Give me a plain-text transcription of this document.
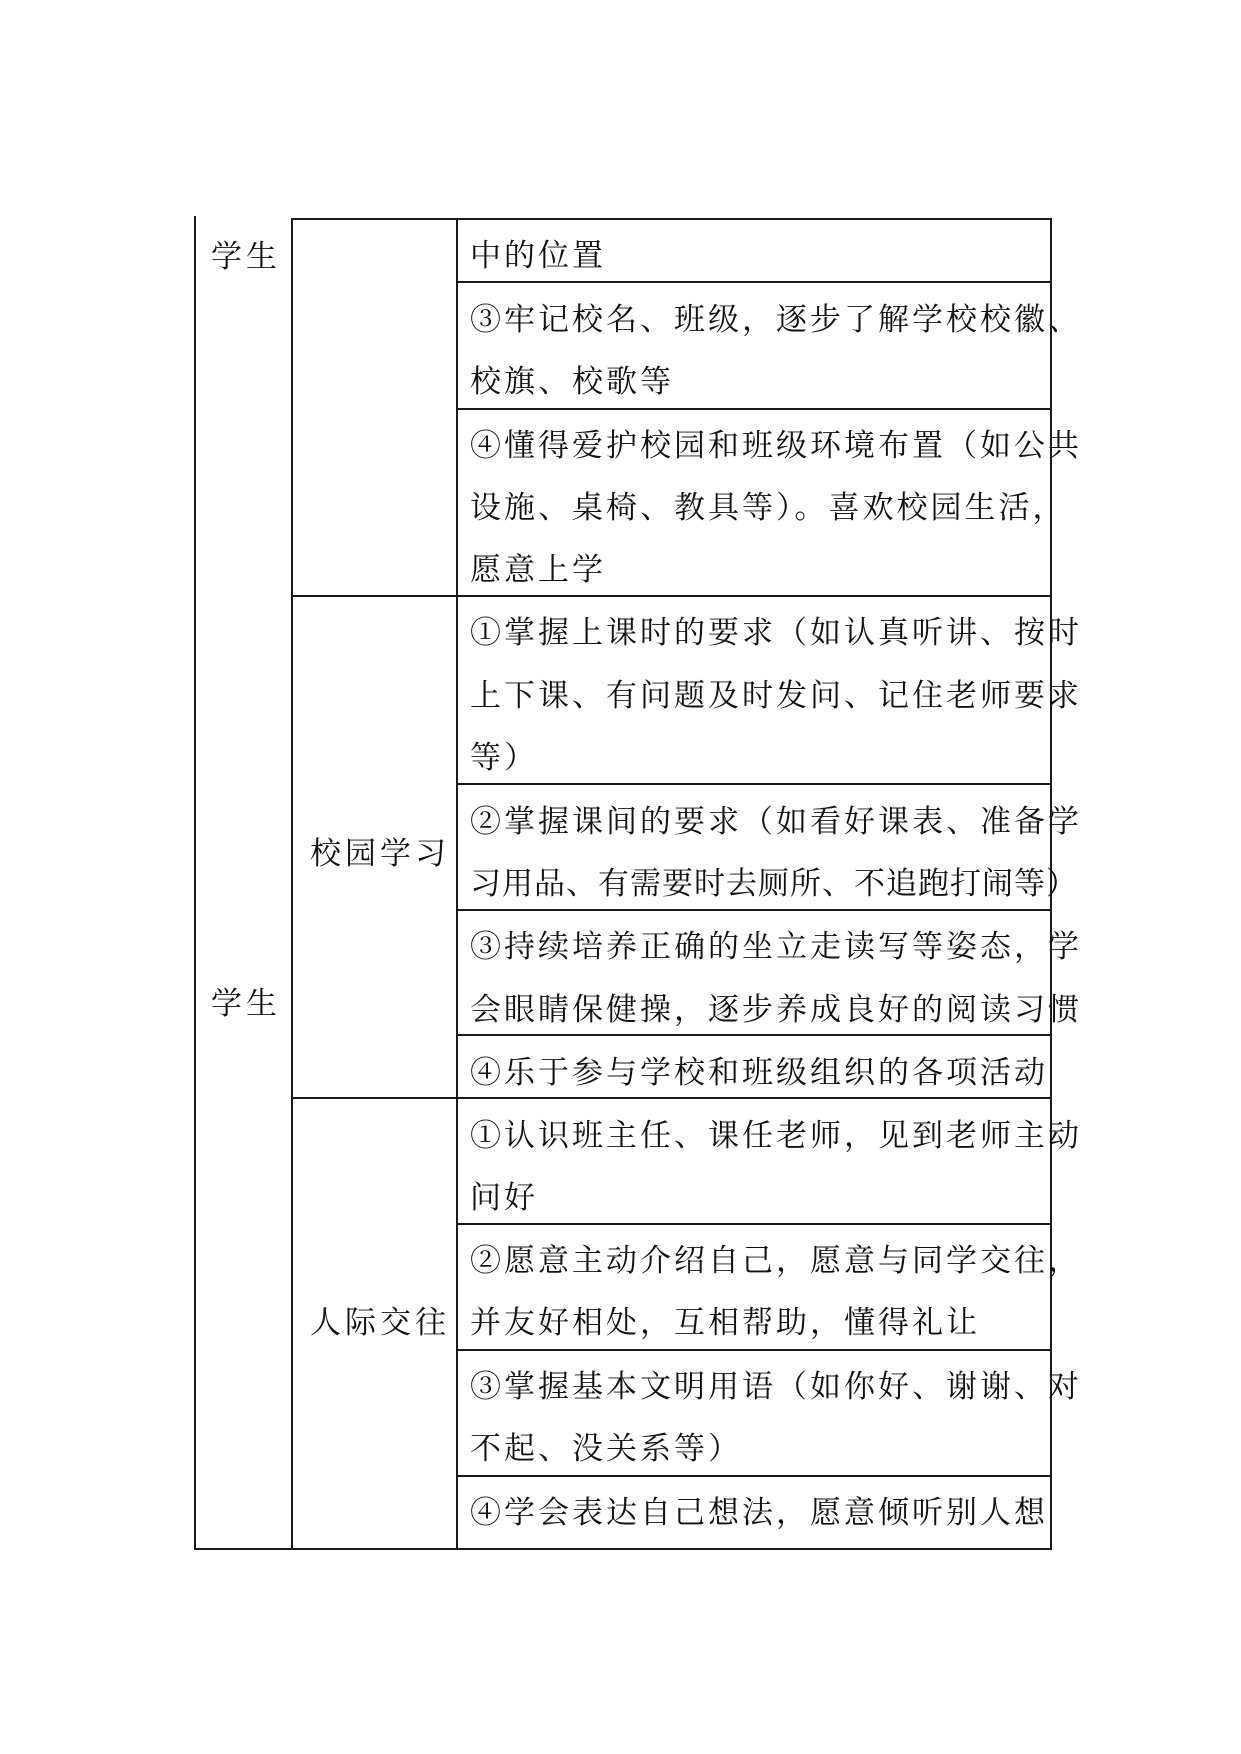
学生
学生
校园学习
人际交往
中的位置
③牢记校名、班级，逐步了解学校校徽、
校旗、校歌等
④懂得爱护校园和班级环境布置（如公共
设施、桌椅、教具等）。喜欢校园生活，
愿意上学
①掌握上课时的要求（如认真听讲、按时
上下课、有问题及时发问、记住老师要求
等）
②掌握课间的要求（如看好课表、准备学
习用品、有需要时去厕所、不追跑打闹等）
③持续培养正确的坐立走读写等姿态，学
会眼睛保健操，逐步养成良好的阅读习惯
④乐于参与学校和班级组织的各项活动
①认识班主任、课任老师，见到老师主动
问好
②愿意主动介绍自己，愿意与同学交往，
并友好相处，互相帮助，懂得礼让
③掌握基本文明用语（如你好、谢谢、对
不起、没关系等）
④学会表达自己想法，愿意倾听别人想
